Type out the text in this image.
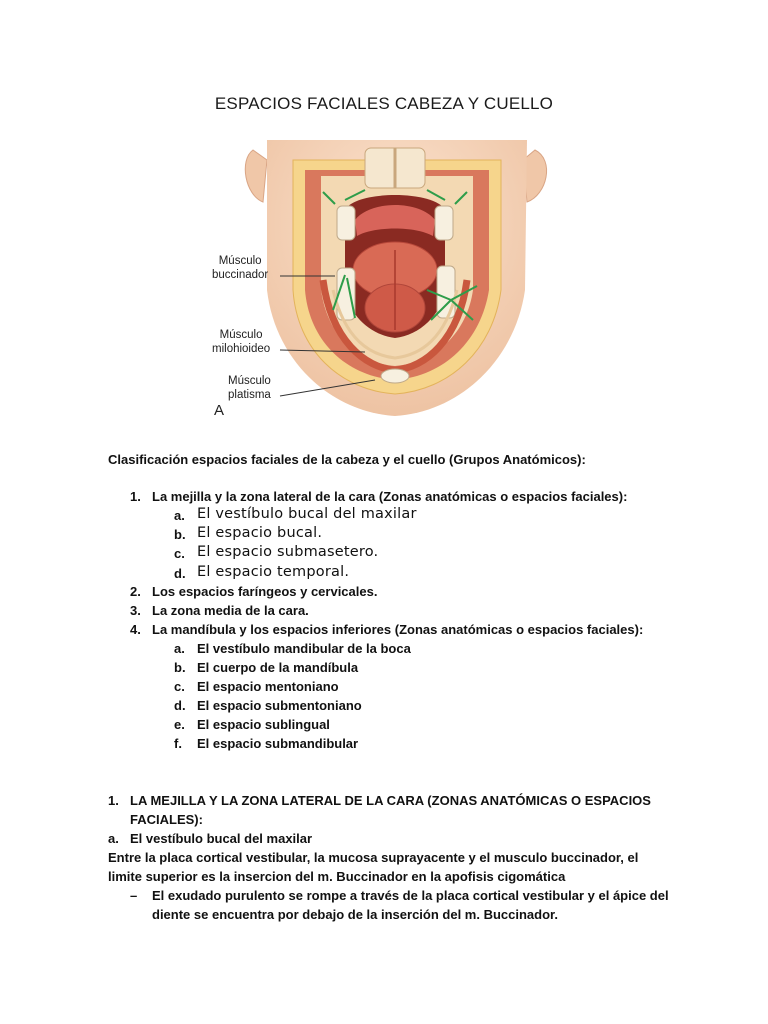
ESPACIOS FACIALES CABEZA Y CUELLO
Músculo
buccinador
Músculo
milohioideo
Músculo
platisma
A
Clasificación espacios faciales de la cabeza y el cuello (Grupos Anatómicos):
1. La mejilla y la zona lateral de la cara (Zonas anatómicas o espacios faciales):
a. El vestíbulo bucal del maxilar
b. El espacio bucal.
c. El espacio submasetero.
d. El espacio temporal.
2. Los espacios faríngeos y cervicales.
3. La zona media de la cara.
4. La mandíbula y los espacios inferiores (Zonas anatómicas o espacios faciales):
a. El vestíbulo mandibular de la boca
b. El cuerpo de la mandíbula
c. El espacio mentoniano
d. El espacio submentoniano
e. El espacio sublingual
f. El espacio submandibular
1. LA MEJILLA Y LA ZONA LATERAL DE LA CARA (ZONAS ANATÓMICAS O ESPACIOS
FACIALES):
a. El vestíbulo bucal del maxilar
Entre la placa cortical vestibular, la mucosa suprayacente y el musculo buccinador, el
limite superior es la insercion del m. Buccinador en la apofisis cigomática
– El exudado purulento se rompe a través de la placa cortical vestibular y el ápice del
diente se encuentra por debajo de la inserción del m. Buccinador.
